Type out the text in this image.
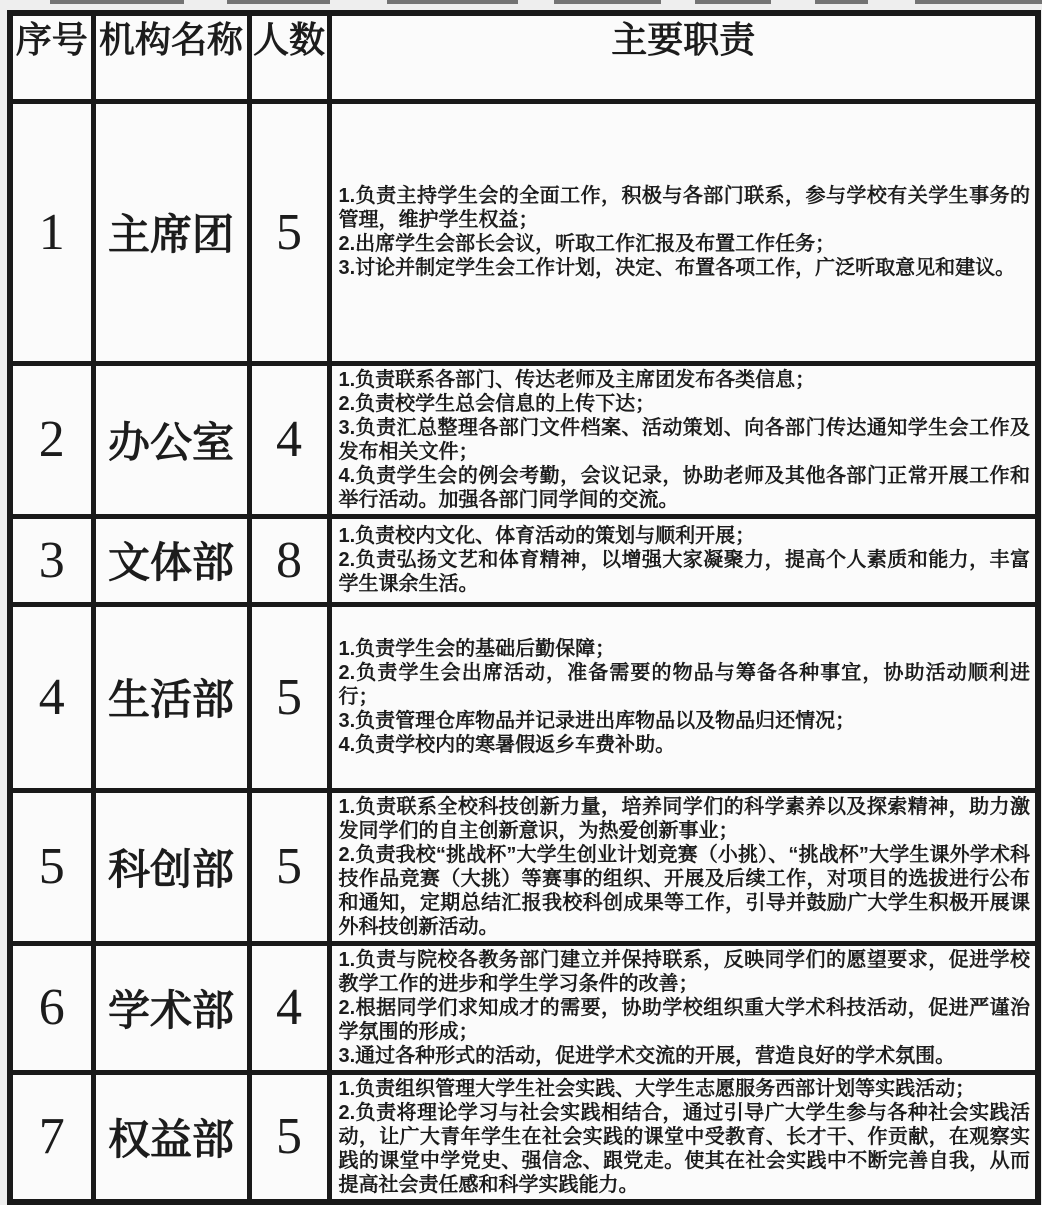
序号	机构名称	人数	主要职责
1	主席团	5	1.负责主持学生会的全面工作，积极与各部门联系，参与学校有关学生事务的管理，维护学生权益；
2.出席学生会部长会议，听取工作汇报及布置工作任务；
3.讨论并制定学生会工作计划，决定、布置各项工作，广泛听取意见和建议。

2	办公室	4	1.负责联系各部门、传达老师及主席团发布各类信息；
2.负责校学生总会信息的上传下达；
3.负责汇总整理各部门文件档案、活动策划、向各部门传达通知学生会工作及发布相关文件；
4.负责学生会的例会考勤，会议记录，协助老师及其他各部门正常开展工作和举行活动。加强各部门同学间的交流。

3	文体部	8	1.负责校内文化、体育活动的策划与顺利开展；
2.负责弘扬文艺和体育精神，以增强大家凝聚力，提高个人素质和能力，丰富学生课余生活。

4	生活部	5	1.负责学生会的基础后勤保障；
2.负责学生会出席活动，准备需要的物品与筹备各种事宜，协助活动顺利进行；
3.负责管理仓库物品并记录进出库物品以及物品归还情况；
4.负责学校内的寒暑假返乡车费补助。

5	科创部	5	1.负责联系全校科技创新力量，培养同学们的科学素养以及探索精神，助力激发同学们的自主创新意识，为热爱创新事业；
2.负责我校“挑战杯”大学生创业计划竞赛（小挑）、“挑战杯”大学生课外学术科技作品竞赛（大挑）等赛事的组织、开展及后续工作，对项目的选拔进行公布和通知，定期总结汇报我校科创成果等工作，引导并鼓励广大学生积极开展课外科技创新活动。

6	学术部	4	1.负责与院校各教务部门建立并保持联系，反映同学们的愿望要求，促进学校教学工作的进步和学生学习条件的改善；
2.根据同学们求知成才的需要，协助学校组织重大学术科技活动，促进严谨治学氛围的形成；
3.通过各种形式的活动，促进学术交流的开展，营造良好的学术氛围。

7	权益部	5	1.负责组织管理大学生社会实践、大学生志愿服务西部计划等实践活动；
2.负责将理论学习与社会实践相结合，通过引导广大学生参与各种社会实践活动，让广大青年学生在社会实践的课堂中受教育、长才干、作贡献，在观察实践的课堂中学党史、强信念、跟党走。使其在社会实践中不断完善自我，从而提高社会责任感和科学实践能力。
